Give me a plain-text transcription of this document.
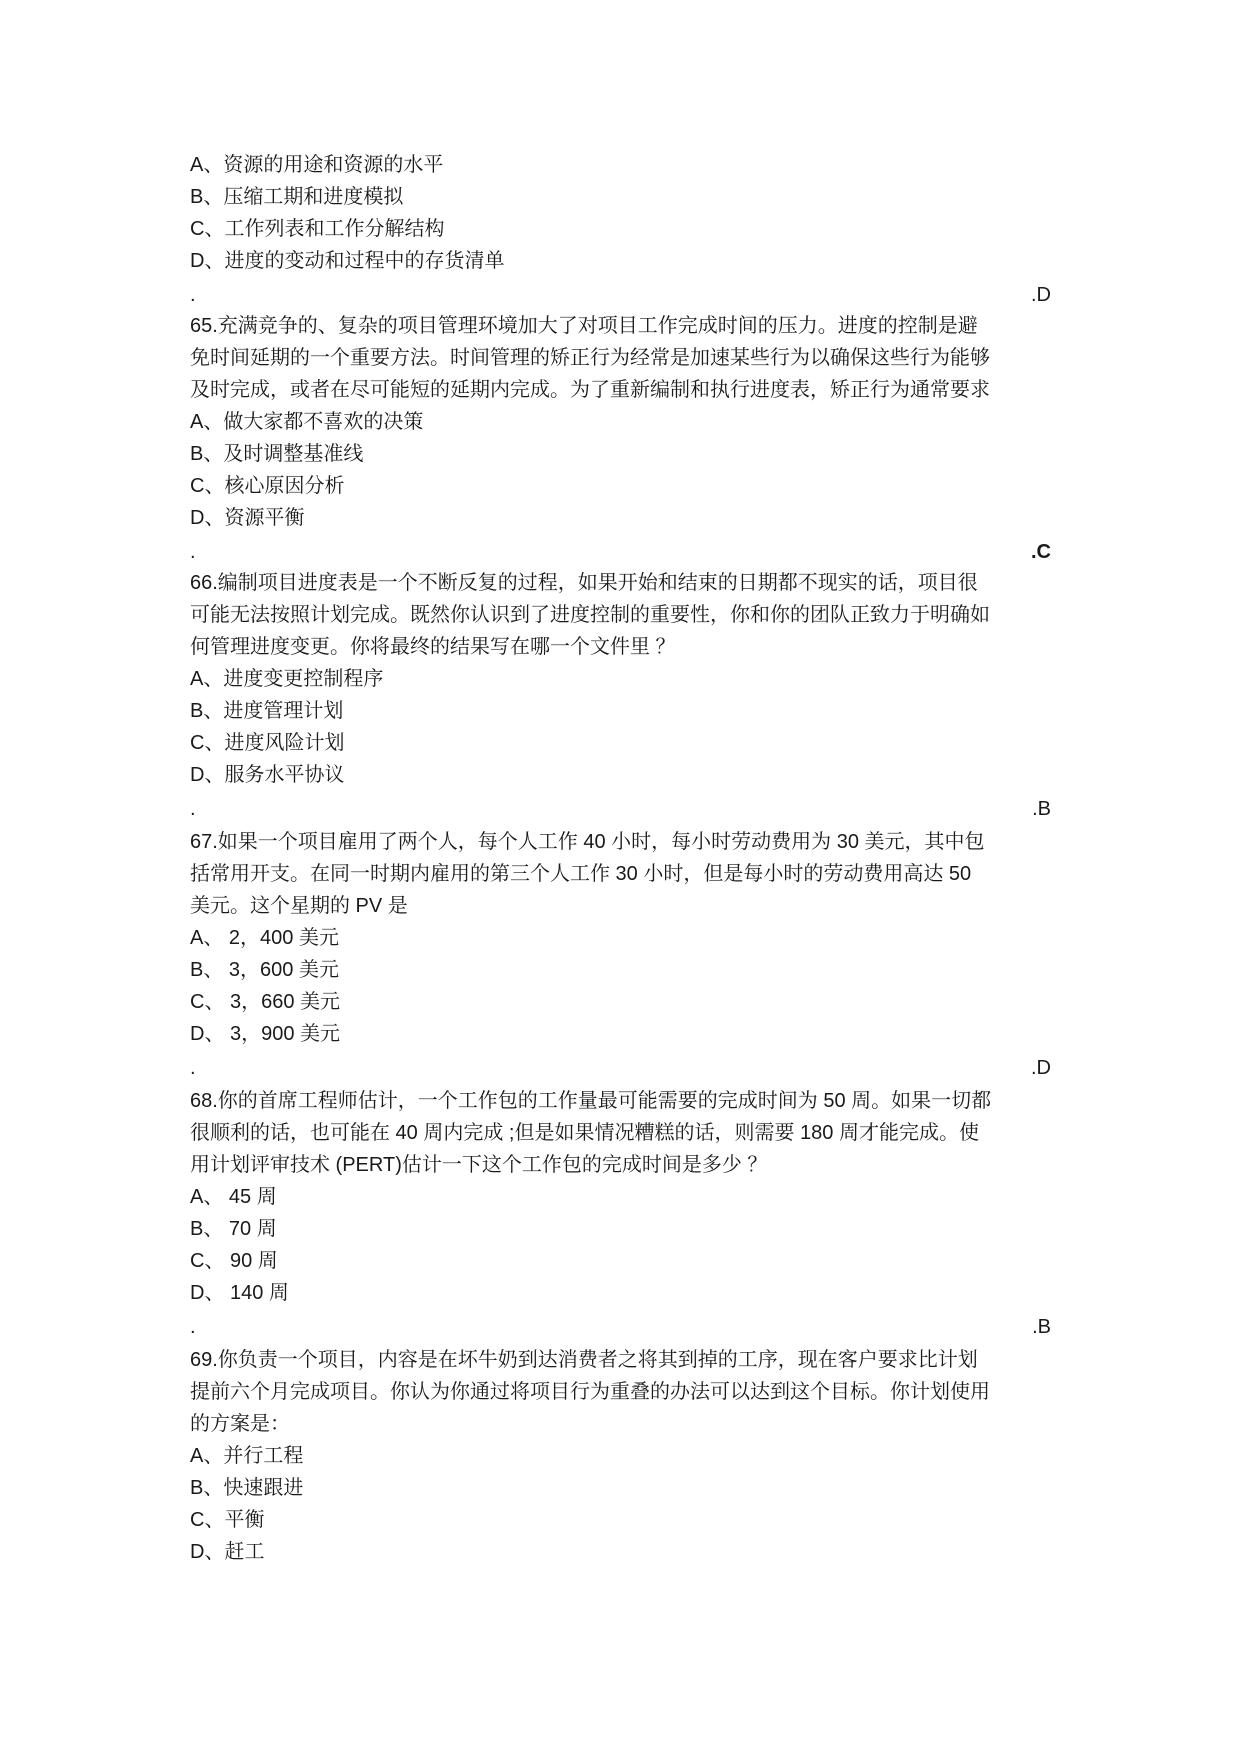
A、资源的用途和资源的水平
B、压缩工期和进度模拟
C、工作列表和工作分解结构
D、进度的变动和过程中的存货清单
.	.D
65.充满竞争的、复杂的项目管理环境加大了对项目工作完成时间的压力。进度的控制是避
免时间延期的一个重要方法。时间管理的矫正行为经常是加速某些行为以确保这些行为能够
及时完成，或者在尽可能短的延期内完成。为了重新编制和执行进度表，矫正行为通常要求
A、做大家都不喜欢的决策
B、及时调整基准线
C、核心原因分析
D、资源平衡
.	.C
66.编制项目进度表是一个不断反复的过程，如果开始和结束的日期都不现实的话，项目很
可能无法按照计划完成。既然你认识到了进度控制的重要性，你和你的团队正致力于明确如
何管理进度变更。你将最终的结果写在哪一个文件里 ？
A、进度变更控制程序
B、进度管理计划
C、进度风险计划
D、服务水平协议
.	.B
67.如果一个项目雇用了两个人，每个人工作 40 小时，每小时劳动费用为 30 美元，其中包
括常用开支。在同一时期内雇用的第三个人工作 30 小时，但是每小时的劳动费用高达 50
美元。这个星期的 PV 是
A、 2，400 美元
B、 3，600 美元
C、 3，660 美元
D、 3，900 美元
.	.D
68.你的首席工程师估计，一个工作包的工作量最可能需要的完成时间为 50 周。如果一切都
很顺利的话，也可能在 40 周内完成 ;但是如果情况糟糕的话，则需要 180 周才能完成。使
用计划评审技术 (PERT)估计一下这个工作包的完成时间是多少 ？
A、 45 周
B、 70 周
C、 90 周
D、 140 周
.	.B
69.你负责一个项目，内容是在坏牛奶到达消费者之将其到掉的工序，现在客户要求比计划
提前六个月完成项目。你认为你通过将项目行为重叠的办法可以达到这个目标。你计划使用
的方案是：
A、并行工程
B、快速跟进
C、平衡
D、赶工
